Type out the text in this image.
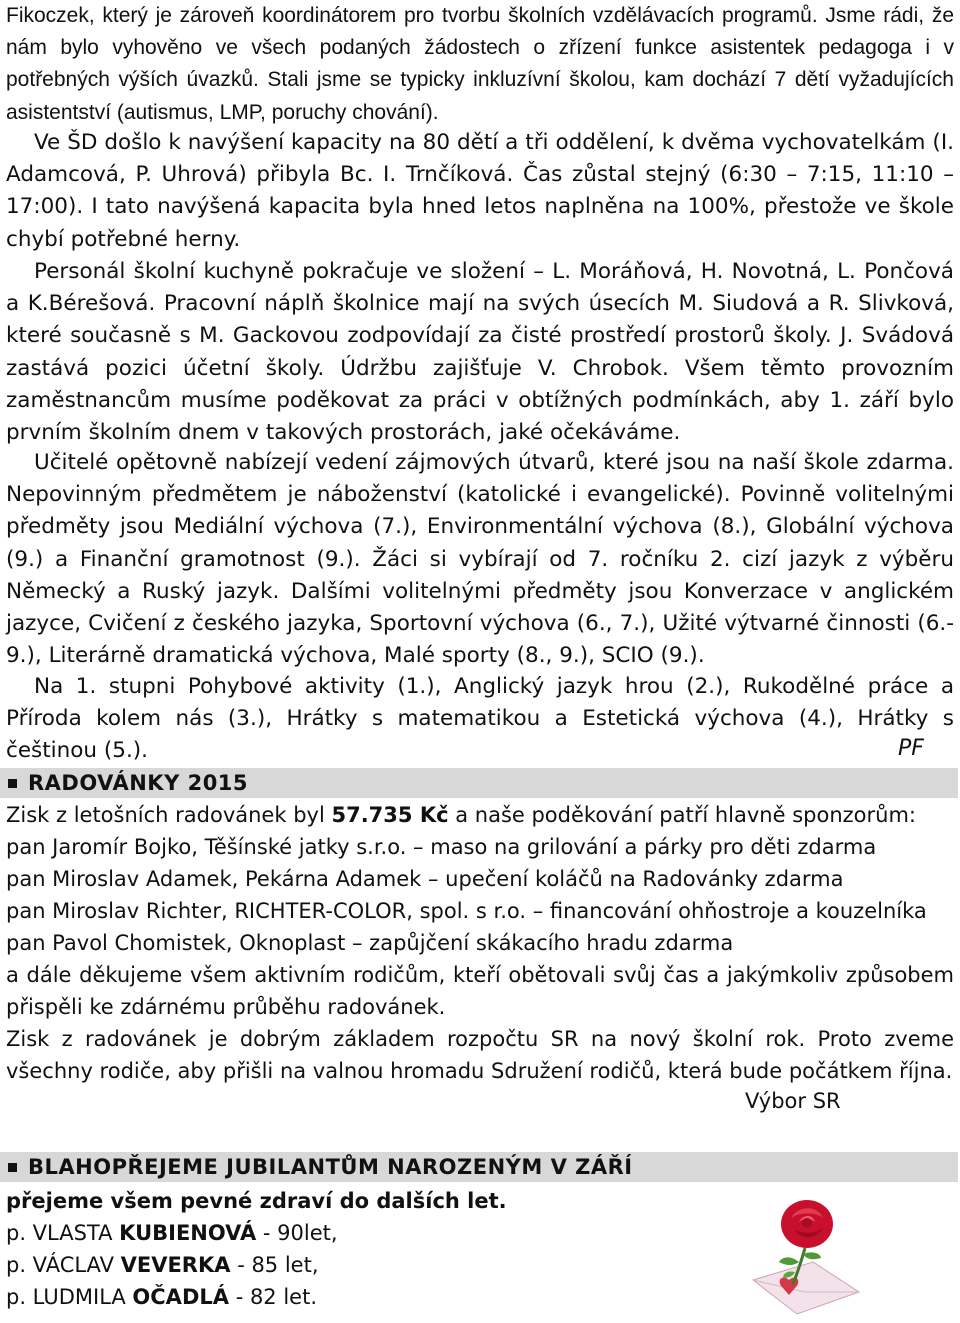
Fikoczek, který je zároveň koordinátorem pro tvorbu školních vzdělávacích programů. Jsme rádi, že nám bylo vyhověno ve všech podaných žádostech o zřízení funkce asistentek pedagoga i v potřebných výších úvazků. Stali jsme se typicky inkluzívní školou, kam dochází 7 dětí vyžadujících asistentství (autismus, LMP, poruchy chování).

Ve ŠD došlo k navýšení kapacity na 80 dětí a tři oddělení, k dvěma vychovatelkám (I. Adamcová, P. Uhrová) přibyla Bc. I. Trnčíková. Čas zůstal stejný (6:30 – 7:15, 11:10 – 17:00). I tato navýšená kapacita byla hned letos naplněna na 100%, přestože ve škole chybí potřebné herny.

Personál školní kuchyně pokračuje ve složení – L. Moráňová, H. Novotná, L. Pončová a K.Bérešová. Pracovní náplň školnice mají na svých úsecích M. Siudová a R. Slivková, které současně s M. Gackovou zodpovídají za čisté prostředí prostorů školy. J. Svádová zastává pozici účetní školy. Údržbu zajišťuje V. Chrobok. Všem těmto provozním zaměstnancům musíme poděkovat za práci v obtížných podmínkách, aby 1. září bylo prvním školním dnem v takových prostorách, jaké očekáváme.

Učitelé opětovně nabízejí vedení zájmových útvarů, které jsou na naší škole zdarma. Nepovinným předmětem je náboženství (katolické i evangelické). Povinně volitelnými předměty jsou Mediální výchova (7.), Environmentální výchova (8.), Globální výchova (9.) a Finanční gramotnost (9.). Žáci si vybírají od 7. ročníku 2. cizí jazyk z výběru Německý a Ruský jazyk. Dalšími volitelnými předměty jsou Konverzace v anglickém jazyce, Cvičení z českého jazyka, Sportovní výchova (6., 7.), Užité výtvarné činnosti (6.- 9.), Literárně dramatická výchova, Malé sporty (8., 9.), SCIO (9.).

Na 1. stupni Pohybové aktivity (1.), Anglický jazyk hrou (2.), Rukodělné práce a Příroda kolem nás (3.), Hrátky s matematikou a Estetická výchova (4.), Hrátky s češtinou (5.).	PF
RADOVÁNKY 2015

Zisk z letošních radovánek byl 57.735 Kč a naše poděkování patří hlavně sponzorům:

pan Jaromír Bojko, Těšínské jatky s.r.o. – maso na grilování a párky pro děti zdarma

pan Miroslav Adamek, Pekárna Adamek – upečení koláčů na Radovánky zdarma

pan Miroslav Richter, RICHTER-COLOR, spol. s r.o. – financování ohňostroje a kouzelníka

pan Pavol Chomistek, Oknoplast – zapůjčení skákacího hradu zdarma

a dále děkujeme všem aktivním rodičům, kteří obětovali svůj čas a jakýmkoliv způsobem přispěli ke zdárnému průběhu radovánek.

Zisk z radovánek je dobrým základem rozpočtu SR na nový školní rok. Proto zveme všechny rodiče, aby přišli na valnou hromadu Sdružení rodičů, která bude počátkem října.

Výbor SR
BLAHOPŘEJEME JUBILANTŮM NAROZENÝM V ZÁŘÍ

přejeme všem pevné zdraví do dalších let.

p. VLASTA KUBIENOVÁ - 90let,

p. VÁCLAV VEVERKA - 85 let,

p. LUDMILA OČADLÁ - 82 let.
